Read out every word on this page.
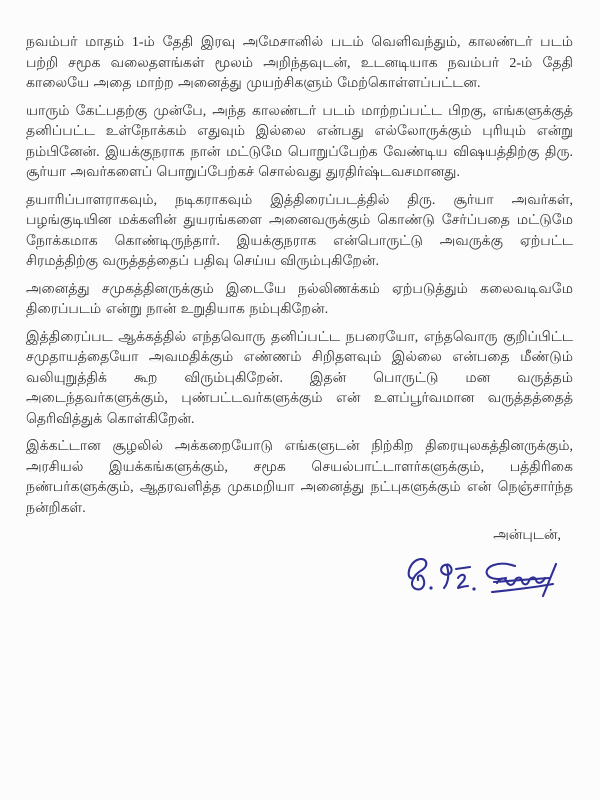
நவம்பர் மாதம் 1-ம் தேதி இரவு அமேசானில் படம் வெளிவந்தும், காலண்டர் படம் பற்றி சமூக வலைதளங்கள் மூலம் அறிந்தவுடன், உடனடியாக நவம்பர் 2-ம் தேதி காலையே அதை மாற்ற அனைத்து முயற்சிகளும் மேற்கொள்ளப்பட்டன.

யாரும் கேட்பதற்கு முன்பே, அந்த காலண்டர் படம் மாற்றப்பட்ட பிறகு, எங்களுக்குத் தனிப்பட்ட உள்நோக்கம் எதுவும் இல்லை என்பது எல்லோருக்கும் புரியும் என்று நம்பினேன். இயக்குநராக நான் மட்டுமே பொறுப்பேற்க வேண்டிய விஷயத்திற்கு திரு. சூர்யா அவர்களைப் பொறுப்பேற்கச் சொல்வது துரதிர்ஷ்டவசமானது.

தயாரிப்பாளராகவும், நடிகராகவும் இத்திரைப்படத்தில் திரு. சூர்யா அவர்கள், பழங்குடியின மக்களின் துயரங்களை அனைவருக்கும் கொண்டு சேர்ப்பதை மட்டுமே நோக்கமாக கொண்டிருந்தார். இயக்குநராக என்பொருட்டு அவருக்கு ஏற்பட்ட சிரமத்திற்கு வருத்தத்தைப் பதிவு செய்ய விரும்புகிறேன்.

அனைத்து சமுகத்தினருக்கும் இடையே நல்லிணக்கம் ஏற்படுத்தும் கலைவடிவமே திரைப்படம் என்று நான் உறுதியாக நம்புகிறேன்.

இத்திரைப்பட ஆக்கத்தில் எந்தவொரு தனிப்பட்ட நபரையோ, எந்தவொரு குறிப்பிட்ட சமுதாயத்தையோ அவமதிக்கும் எண்ணம் சிறிதளவும் இல்லை என்பதை மீண்டும் வலியுறுத்திக் கூற விரும்புகிறேன். இதன் பொருட்டு மன வருத்தம் அடைந்தவர்களுக்கும், புண்பட்டவர்களுக்கும் என் உளப்பூர்வமான வருத்தத்தைத் தெரிவித்துக் கொள்கிறேன்.

இக்கட்டான சூழலில் அக்கறையோடு எங்களுடன் நிற்கிற திரையுலகத்தினருக்கும், அரசியல் இயக்கங்களுக்கும், சமூக செயல்பாட்டாளர்களுக்கும், பத்திரிகை நண்பர்களுக்கும், ஆதரவளித்த முகமறியா அனைத்து நட்புகளுக்கும் என் நெஞ்சார்ந்த நன்றிகள்.

அன்புடன்,
